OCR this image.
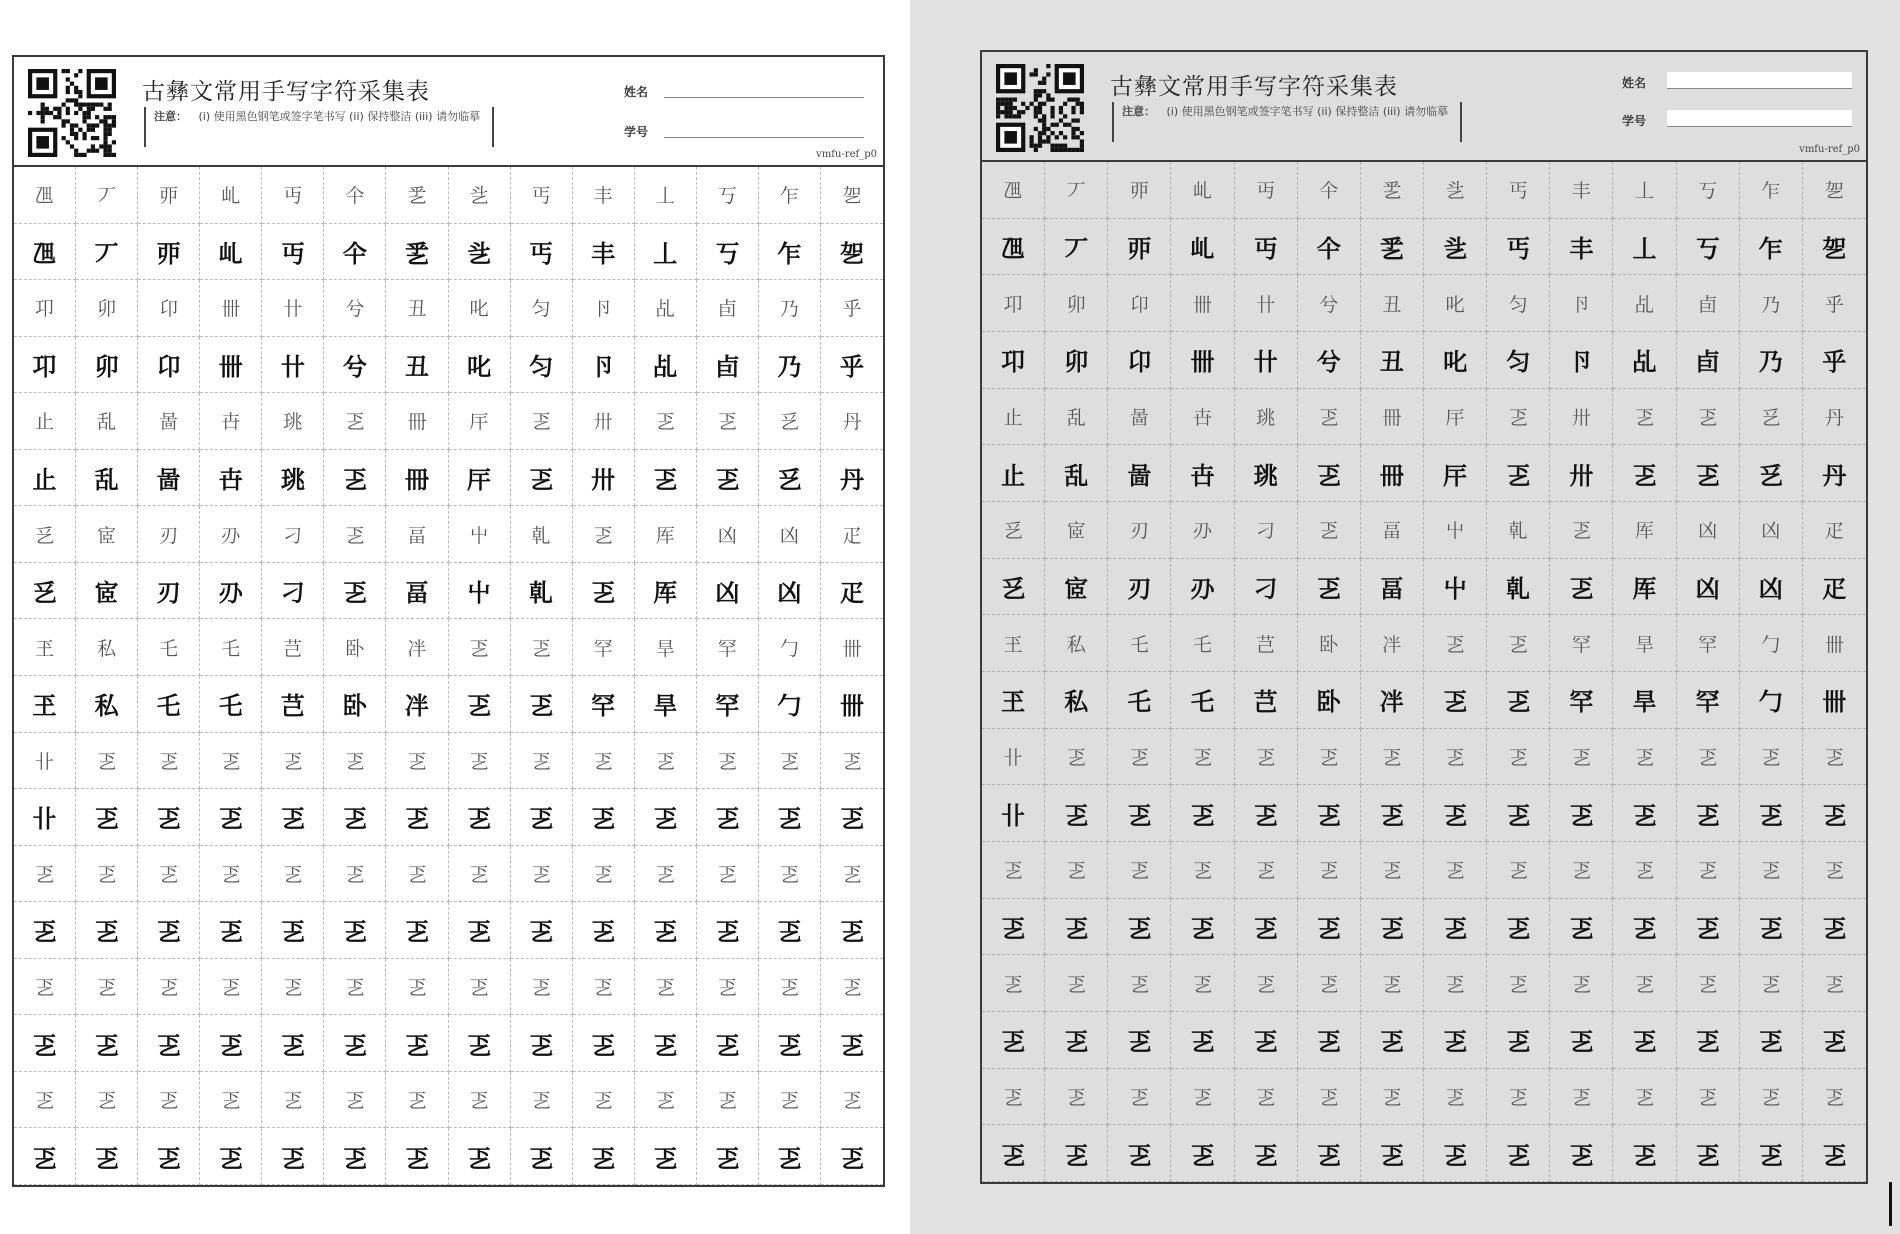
古彝文常用手写字符采集表
注意： (i) 使用黑色钢笔或签字笔书写 (ii) 保持整洁 (iii) 请勿临摹
姓名
学号
vmfu-ref_p0
乪	丆	丣	乢	丏	仐	乯	乧	丐	丰	丄	丂	乍	乫
乪	丆	丣	乢	丏	仐	乯	乧	丐	丰	丄	丂	乍	乫
卭	卯	卬	卌	卄	兮	丑	叱	匀	卪	乩	卣	乃	乎
卭	卯	卬	卌	卄	兮	丑	叱	匀	卪	乩	卣	乃	乎
止	乱	啚	卋	珧	乤	冊	厈	乤	卅	乤	乤	乥	丹
止	乱	啚	卋	珧	乤	冊	厈	乤	卅	乤	乤	乥	丹
乥	宧	刃	刅	刁	乤	畐	屮	乹	乤	厍	凶	凶	疋
乥	宧	刃	刅	刁	乤	畐	屮	乹	乤	厍	凶	凶	疋
玊	私	乇	乇	芑	卧	冸	乤	乤	罕	旱	罕	勹	卌
玊	私	乇	乇	芑	卧	冸	乤	乤	罕	旱	罕	勹	卌
卝	乤	乤	乤	乤	乤	乤	乤	乤	乤	乤	乤	乤	乤
卝	乤	乤	乤	乤	乤	乤	乤	乤	乤	乤	乤	乤	乤
乤	乤	乤	乤	乤	乤	乤	乤	乤	乤	乤	乤	乤	乤
乤	乤	乤	乤	乤	乤	乤	乤	乤	乤	乤	乤	乤	乤
乤	乤	乤	乤	乤	乤	乤	乤	乤	乤	乤	乤	乤	乤
乤	乤	乤	乤	乤	乤	乤	乤	乤	乤	乤	乤	乤	乤
乤	乤	乤	乤	乤	乤	乤	乤	乤	乤	乤	乤	乤	乤
乤	乤	乤	乤	乤	乤	乤	乤	乤	乤	乤	乤	乤	乤
古彝文常用手写字符采集表
注意： (i) 使用黑色钢笔或签字笔书写 (ii) 保持整洁 (iii) 请勿临摹
姓名
学号
vmfu-ref_p0
乪	丆	丣	乢	丏	仐	乯	乧	丐	丰	丄	丂	乍	乫
乪	丆	丣	乢	丏	仐	乯	乧	丐	丰	丄	丂	乍	乫
卭	卯	卬	卌	卄	兮	丑	叱	匀	卪	乩	卣	乃	乎
卭	卯	卬	卌	卄	兮	丑	叱	匀	卪	乩	卣	乃	乎
止	乱	啚	卋	珧	乤	冊	厈	乤	卅	乤	乤	乥	丹
止	乱	啚	卋	珧	乤	冊	厈	乤	卅	乤	乤	乥	丹
乥	宧	刃	刅	刁	乤	畐	屮	乹	乤	厍	凶	凶	疋
乥	宧	刃	刅	刁	乤	畐	屮	乹	乤	厍	凶	凶	疋
玊	私	乇	乇	芑	卧	冸	乤	乤	罕	旱	罕	勹	卌
玊	私	乇	乇	芑	卧	冸	乤	乤	罕	旱	罕	勹	卌
卝	乤	乤	乤	乤	乤	乤	乤	乤	乤	乤	乤	乤	乤
卝	乤	乤	乤	乤	乤	乤	乤	乤	乤	乤	乤	乤	乤
乤	乤	乤	乤	乤	乤	乤	乤	乤	乤	乤	乤	乤	乤
乤	乤	乤	乤	乤	乤	乤	乤	乤	乤	乤	乤	乤	乤
乤	乤	乤	乤	乤	乤	乤	乤	乤	乤	乤	乤	乤	乤
乤	乤	乤	乤	乤	乤	乤	乤	乤	乤	乤	乤	乤	乤
乤	乤	乤	乤	乤	乤	乤	乤	乤	乤	乤	乤	乤	乤
乤	乤	乤	乤	乤	乤	乤	乤	乤	乤	乤	乤	乤	乤
